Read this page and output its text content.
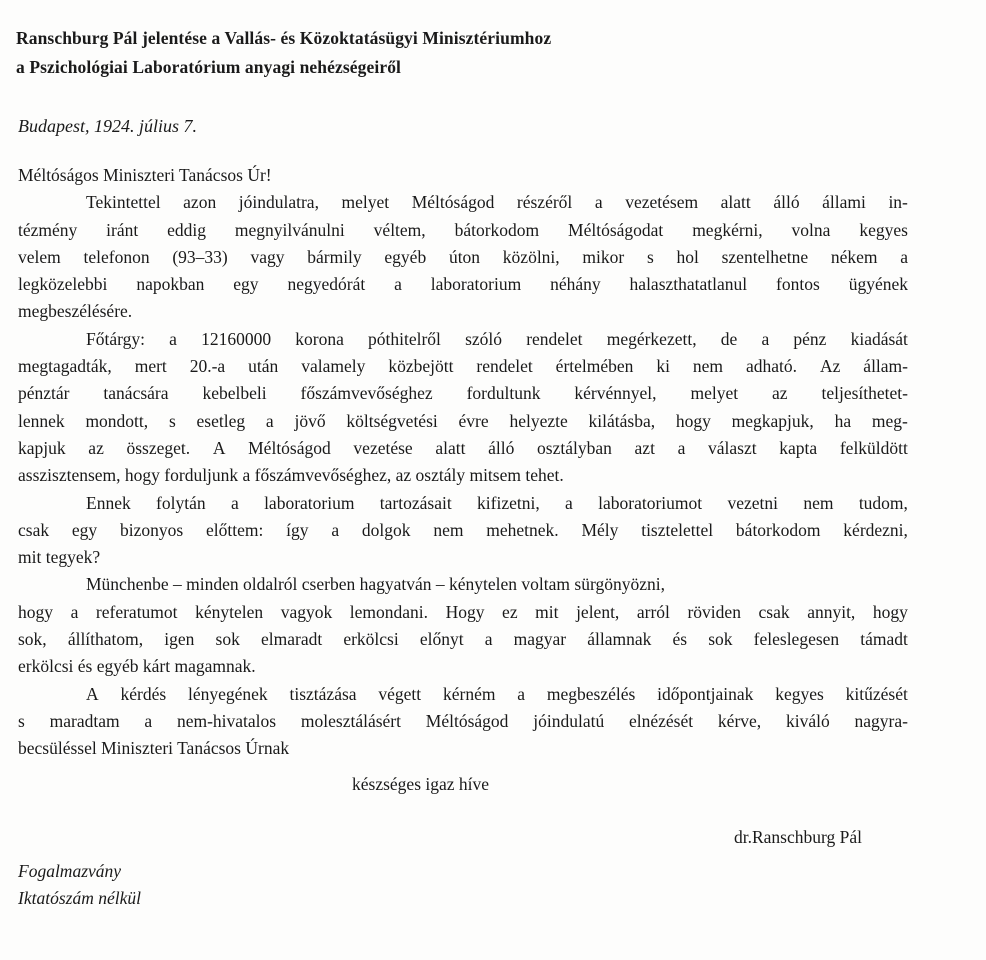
Ranschburg Pál jelentése a Vallás- és Közoktatásügyi Minisztériumhoz
a Pszichológiai Laboratórium anyagi nehézségeiről
Budapest, 1924. július 7.
Méltóságos Miniszteri Tanácsos Úr!
Tekintettel azon jóindulatra, melyet Méltóságod részéről a vezetésem alatt álló állami in-
tézmény iránt eddig megnyilvánulni véltem, bátorkodom Méltóságodat megkérni, volna kegyes
velem telefonon (93–33) vagy bármily egyéb úton közölni, mikor s hol szentelhetne nékem a
legközelebbi napokban egy negyedórát a laboratorium néhány halaszthatatlanul fontos ügyének
megbeszélésére.
Főtárgy: a 12160000 korona póthitelről szóló rendelet megérkezett, de a pénz kiadását
megtagadták, mert 20.-a után valamely közbejött rendelet értelmében ki nem adható. Az állam-
pénztár tanácsára kebelbeli főszámvevőséghez fordultunk kérvénnyel, melyet az teljesíthetet-
lennek mondott, s esetleg a jövő költségvetési évre helyezte kilátásba, hogy megkapjuk, ha meg-
kapjuk az összeget. A Méltóságod vezetése alatt álló osztályban azt a választ kapta felküldött
asszisztensem, hogy forduljunk a főszámvevőséghez, az osztály mitsem tehet.
Ennek folytán a laboratorium tartozásait kifizetni, a laboratoriumot vezetni nem tudom,
csak egy bizonyos előttem: így a dolgok nem mehetnek. Mély tisztelettel bátorkodom kérdezni,
mit tegyek?
Münchenbe – minden oldalról cserben hagyatván – kénytelen voltam sürgönyözni,
hogy a referatumot kénytelen vagyok lemondani. Hogy ez mit jelent, arról röviden csak annyit, hogy
sok, állíthatom, igen sok elmaradt erkölcsi előnyt a magyar államnak és sok feleslegesen támadt
erkölcsi és egyéb kárt magamnak.
A kérdés lényegének tisztázása végett kérném a megbeszélés időpontjainak kegyes kitűzését
s maradtam a nem-hivatalos molesztálásért Méltóságod jóindulatú elnézését kérve, kiváló nagyra-
becsüléssel Miniszteri Tanácsos Úrnak
készséges igaz híve
dr.Ranschburg Pál
Fogalmazvány
Iktatószám nélkül
